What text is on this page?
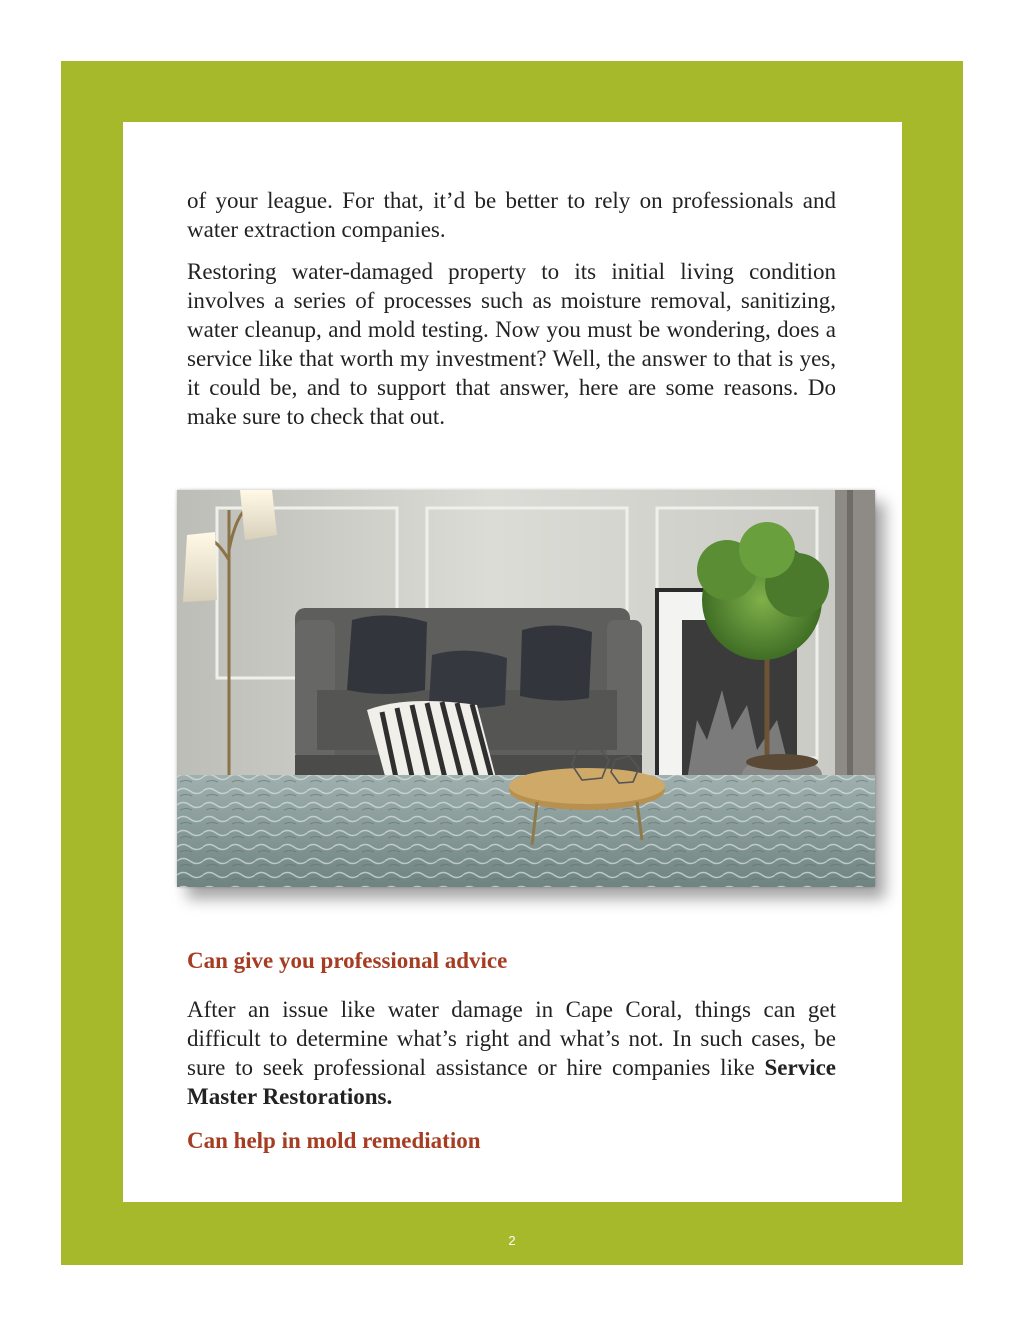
of your league. For that, it’d be better to rely on professionals and water extraction companies.

Restoring water-damaged property to its initial living condition involves a series of processes such as moisture removal, sanitizing, water cleanup, and mold testing. Now you must be wondering, does a service like that worth my investment? Well, the answer to that is yes, it could be, and to support that answer, here are some reasons. Do make sure to check that out.

Can give you professional advice

After an issue like water damage in Cape Coral, things can get difficult to determine what’s right and what’s not. In such cases, be sure to seek professional assistance or hire companies like Service Master Restorations.

Can help in mold remediation
2
